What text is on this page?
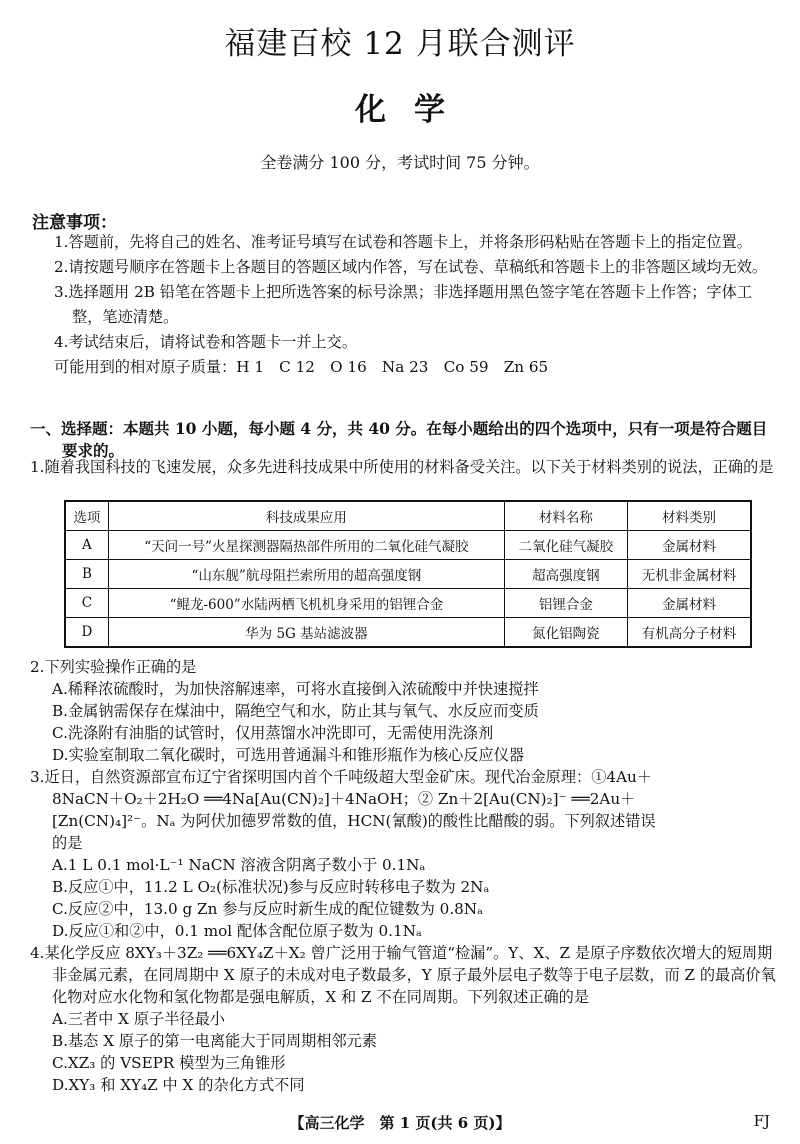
福建百校 12 月联合测评
化学
全卷满分 100 分，考试时间 75 分钟。
注意事项：
1.答题前，先将自己的姓名、准考证号填写在试卷和答题卡上，并将条形码粘贴在答题卡上的指定位置。
2.请按题号顺序在答题卡上各题目的答题区域内作答，写在试卷、草稿纸和答题卡上的非答题区域均无效。
3.选择题用 2B 铅笔在答题卡上把所选答案的标号涂黑；非选择题用黑色签字笔在答题卡上作答；字体工整，笔迹清楚。
4.考试结束后，请将试卷和答题卡一并上交。
可能用到的相对原子质量：H 1　C 12　O 16　Na 23　Co 59　Zn 65
一、选择题：本题共 10 小题，每小题 4 分，共 40 分。在每小题给出的四个选项中，只有一项是符合题目要求的。
1.随着我国科技的飞速发展，众多先进科技成果中所使用的材料备受关注。以下关于材料类别的说法，正确的是
选项	科技成果应用	材料名称	材料类别
A	“天问一号”火星探测器隔热部件所用的二氧化硅气凝胶	二氧化硅气凝胶	金属材料
B	“山东舰”航母阻拦索所用的超高强度钢	超高强度钢	无机非金属材料
C	“鲲龙-600”水陆两栖飞机机身采用的铝锂合金	铝锂合金	金属材料
D	华为 5G 基站滤波器	氮化铝陶瓷	有机高分子材料
2.下列实验操作正确的是
A.稀释浓硫酸时，为加快溶解速率，可将水直接倒入浓硫酸中并快速搅拌
B.金属钠需保存在煤油中，隔绝空气和水，防止其与氧气、水反应而变质
C.洗涤附有油脂的试管时，仅用蒸馏水冲洗即可，无需使用洗涤剂
D.实验室制取二氧化碳时，可选用普通漏斗和锥形瓶作为核心反应仪器
3.近日，自然资源部宣布辽宁省探明国内首个千吨级超大型金矿床。现代冶金原理：①4Au＋
8NaCN＋O₂＋2H₂O ══4Na[Au(CN)₂]＋4NaOH；② Zn＋2[Au(CN)₂]⁻ ══2Au＋
[Zn(CN)₄]²⁻。Nₐ 为阿伏加德罗常数的值，HCN(氰酸)的酸性比醋酸的弱。下列叙述错误
的是
A.1 L 0.1 mol·L⁻¹ NaCN 溶液含阴离子数小于 0.1Nₐ
B.反应①中，11.2 L O₂(标准状况)参与反应时转移电子数为 2Nₐ
C.反应②中，13.0 g Zn 参与反应时新生成的配位键数为 0.8Nₐ
D.反应①和②中，0.1 mol 配体含配位原子数为 0.1Nₐ
4.某化学反应 8XY₃＋3Z₂ ══6XY₄Z＋X₂ 曾广泛用于输气管道“检漏”。Y、X、Z 是原子序数依次增大的短周期非金属元素，在同周期中 X 原子的未成对电子数最多，Y 原子最外层电子数等于电子层数，而 Z 的最高价氧化物对应水化物和氢化物都是强电解质，X 和 Z 不在同周期。下列叙述正确的是
A.三者中 X 原子半径最小
B.基态 X 原子的第一电离能大于同周期相邻元素
C.XZ₃ 的 VSEPR 模型为三角锥形
D.XY₃ 和 XY₄Z 中 X 的杂化方式不同
【高三化学　第 1 页(共 6 页)】	FJ
